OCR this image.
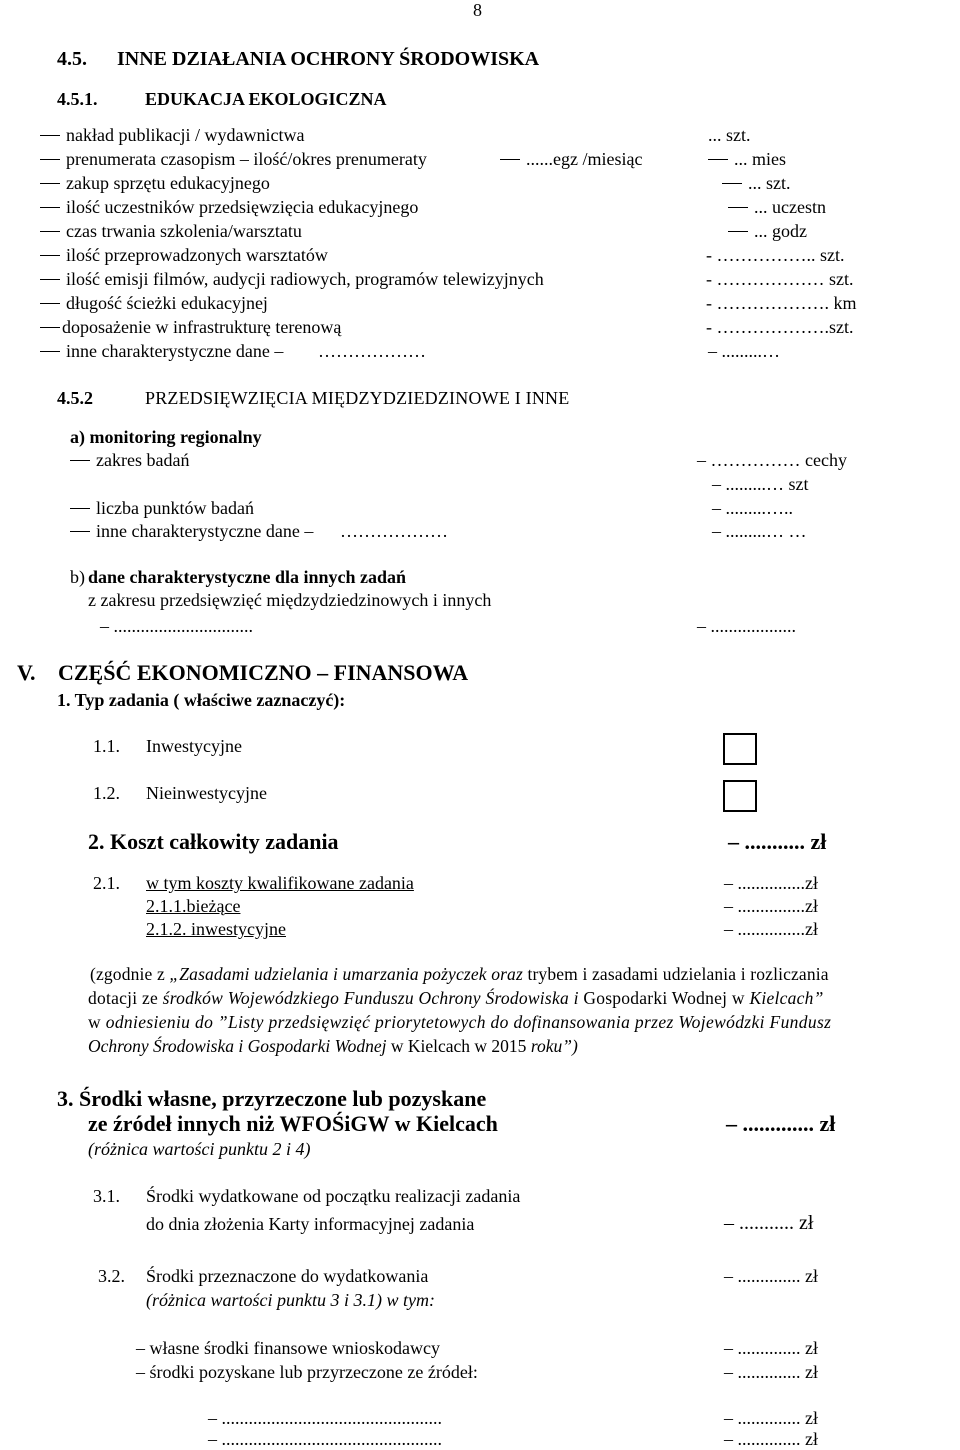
8
4.5. INNE DZIAŁANIA OCHRONY ŚRODOWISKA
4.5.1.	EDUKACJA EKOLOGICZNA
nakład publikacji / wydawnictwa	... szt.
prenumerata czasopism – ilość/okres prenumeraty	......egz /miesiąc	... mies
zakup sprzętu edukacyjnego	... szt.
ilość uczestników przedsięwzięcia edukacyjnego	... uczestn
czas trwania szkolenia/warsztatu	... godz
ilość przeprowadzonych warsztatów	- …………….. szt.
ilość emisji filmów, audycji radiowych, programów telewizyjnych	- ……………… szt.
długość ścieżki edukacyjnej	- ………………. km
doposażenie w infrastrukturę terenową	- ……………….szt.
inne charakterystyczne dane – ………………	– .........…
4.5.2	PRZEDSIĘWZIĘCIA MIĘDZYDZIEDZINOWE I INNE
a) monitoring regionalny
zakres badań	– …………… cechy
– .........… szt
liczba punktów badań	– .........…..
inne charakterystyczne dane – ………………	– .........… …
b) dane charakterystyczne dla innych zadań
z zakresu przedsięwzięć międzydziedzinowych i innych
– ...............................	– ...................
V. CZĘŚĆ EKONOMICZNO – FINANSOWA
1. Typ zadania ( właściwe zaznaczyć):
1.1. Inwestycyjne
1.2. Nieinwestycyjne
2. Koszt całkowity zadania	– ........... zł
2.1. w tym koszty kwalifikowane zadania	– ...............zł
2.1.1.bieżące	– ...............zł
2.1.2. inwestycyjne	– ...............zł
(zgodnie z „Zasadami udzielania i umarzania pożyczek oraz trybem i zasadami udzielania i rozliczania
dotacji ze środków Wojewódzkiego Funduszu Ochrony Środowiska i Gospodarki Wodnej w Kielcach”
w odniesieniu do ”Listy przedsięwzięć priorytetowych do dofinansowania przez Wojewódzki Fundusz
Ochrony Środowiska i Gospodarki Wodnej w Kielcach w 2015 roku”)
3. Środki własne, przyrzeczone lub pozyskane
ze źródeł innych niż WFOŚiGW w Kielcach	– ............. zł
(różnica wartości punktu 2 i 4)
3.1. Środki wydatkowane od początku realizacji zadania
do dnia złożenia Karty informacyjnej zadania	– ........... zł
3.2. Środki przeznaczone do wydatkowania	– .............. zł
(różnica wartości punktu 3 i 3.1) w tym:
– własne środki finansowe wnioskodawcy	– .............. zł
– środki pozyskane lub przyrzeczone ze źródeł:	– .............. zł
– .................................................	– .............. zł
– .................................................	– .............. zł
